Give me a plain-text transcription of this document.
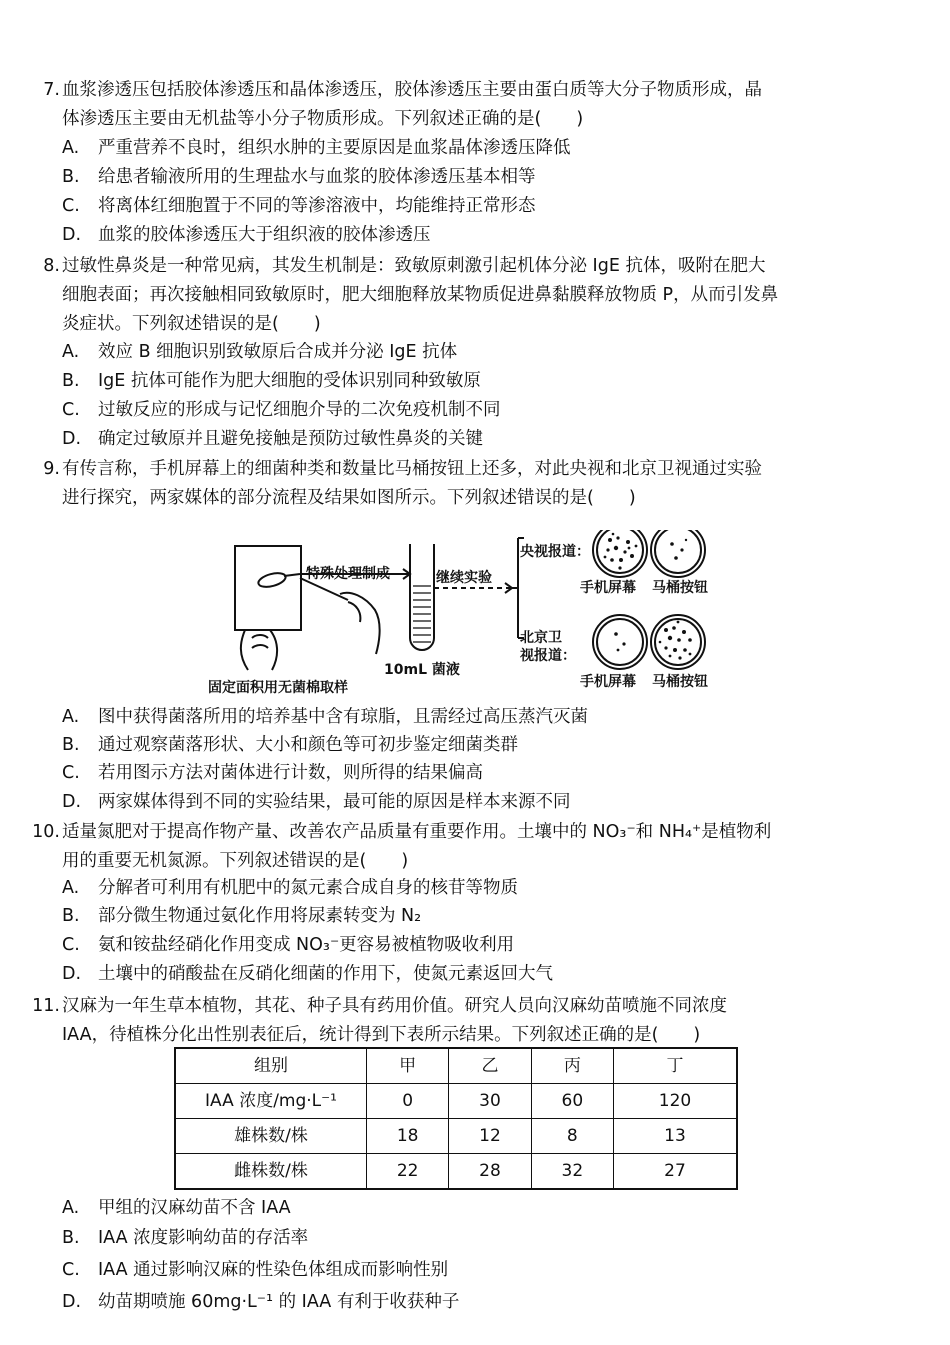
7. 血浆渗透压包括胶体渗透压和晶体渗透压，胶体渗透压主要由蛋白质等大分子物质形成，晶
体渗透压主要由无机盐等小分子物质形成。下列叙述正确的是(　　)
A. 严重营养不良时，组织水肿的主要原因是血浆晶体渗透压降低
B. 给患者输液所用的生理盐水与血浆的胶体渗透压基本相等
C. 将离体红细胞置于不同的等渗溶液中，均能维持正常形态
D. 血浆的胶体渗透压大于组织液的胶体渗透压
8. 过敏性鼻炎是一种常见病，其发生机制是：致敏原刺激引起机体分泌 IgE 抗体，吸附在肥大
细胞表面；再次接触相同致敏原时，肥大细胞释放某物质促进鼻黏膜释放物质 P，从而引发鼻
炎症状。下列叙述错误的是(　　)
A. 效应 B 细胞识别致敏原后合成并分泌 IgE 抗体
B. IgE 抗体可能作为肥大细胞的受体识别同种致敏原
C. 过敏反应的形成与记忆细胞介导的二次免疫机制不同
D. 确定过敏原并且避免接触是预防过敏性鼻炎的关键
9. 有传言称，手机屏幕上的细菌种类和数量比马桶按钮上还多，对此央视和北京卫视通过实验
进行探究，两家媒体的部分流程及结果如图所示。下列叙述错误的是(　　)
特殊处理制成	继续实验
固定面积用无菌棉取样
10mL 菌液
央视报道：
北京卫
视报道：
手机屏幕 马桶按钮
手机屏幕 马桶按钮
A. 图中获得菌落所用的培养基中含有琼脂，且需经过高压蒸汽灭菌
B. 通过观察菌落形状、大小和颜色等可初步鉴定细菌类群
C. 若用图示方法对菌体进行计数，则所得的结果偏高
D. 两家媒体得到不同的实验结果，最可能的原因是样本来源不同
10. 适量氮肥对于提高作物产量、改善农产品质量有重要作用。土壤中的 NO₃⁻和 NH₄⁺是植物利
用的重要无机氮源。下列叙述错误的是(　　)
A. 分解者可利用有机肥中的氮元素合成自身的核苷等物质
B. 部分微生物通过氨化作用将尿素转变为 N₂
C. 氨和铵盐经硝化作用变成 NO₃⁻更容易被植物吸收利用
D. 土壤中的硝酸盐在反硝化细菌的作用下，使氮元素返回大气
11. 汉麻为一年生草本植物，其花、种子具有药用价值。研究人员向汉麻幼苗喷施不同浓度
IAA，待植株分化出性别表征后，统计得到下表所示结果。下列叙述正确的是(　　)
组别	甲	乙	丙	丁
IAA 浓度/mg·L⁻¹	0	30	60	120
雄株数/株	18	12	8	13
雌株数/株	22	28	32	27
A. 甲组的汉麻幼苗不含 IAA
B. IAA 浓度影响幼苗的存活率
C. IAA 通过影响汉麻的性染色体组成而影响性别
D. 幼苗期喷施 60mg·L⁻¹ 的 IAA 有利于收获种子
